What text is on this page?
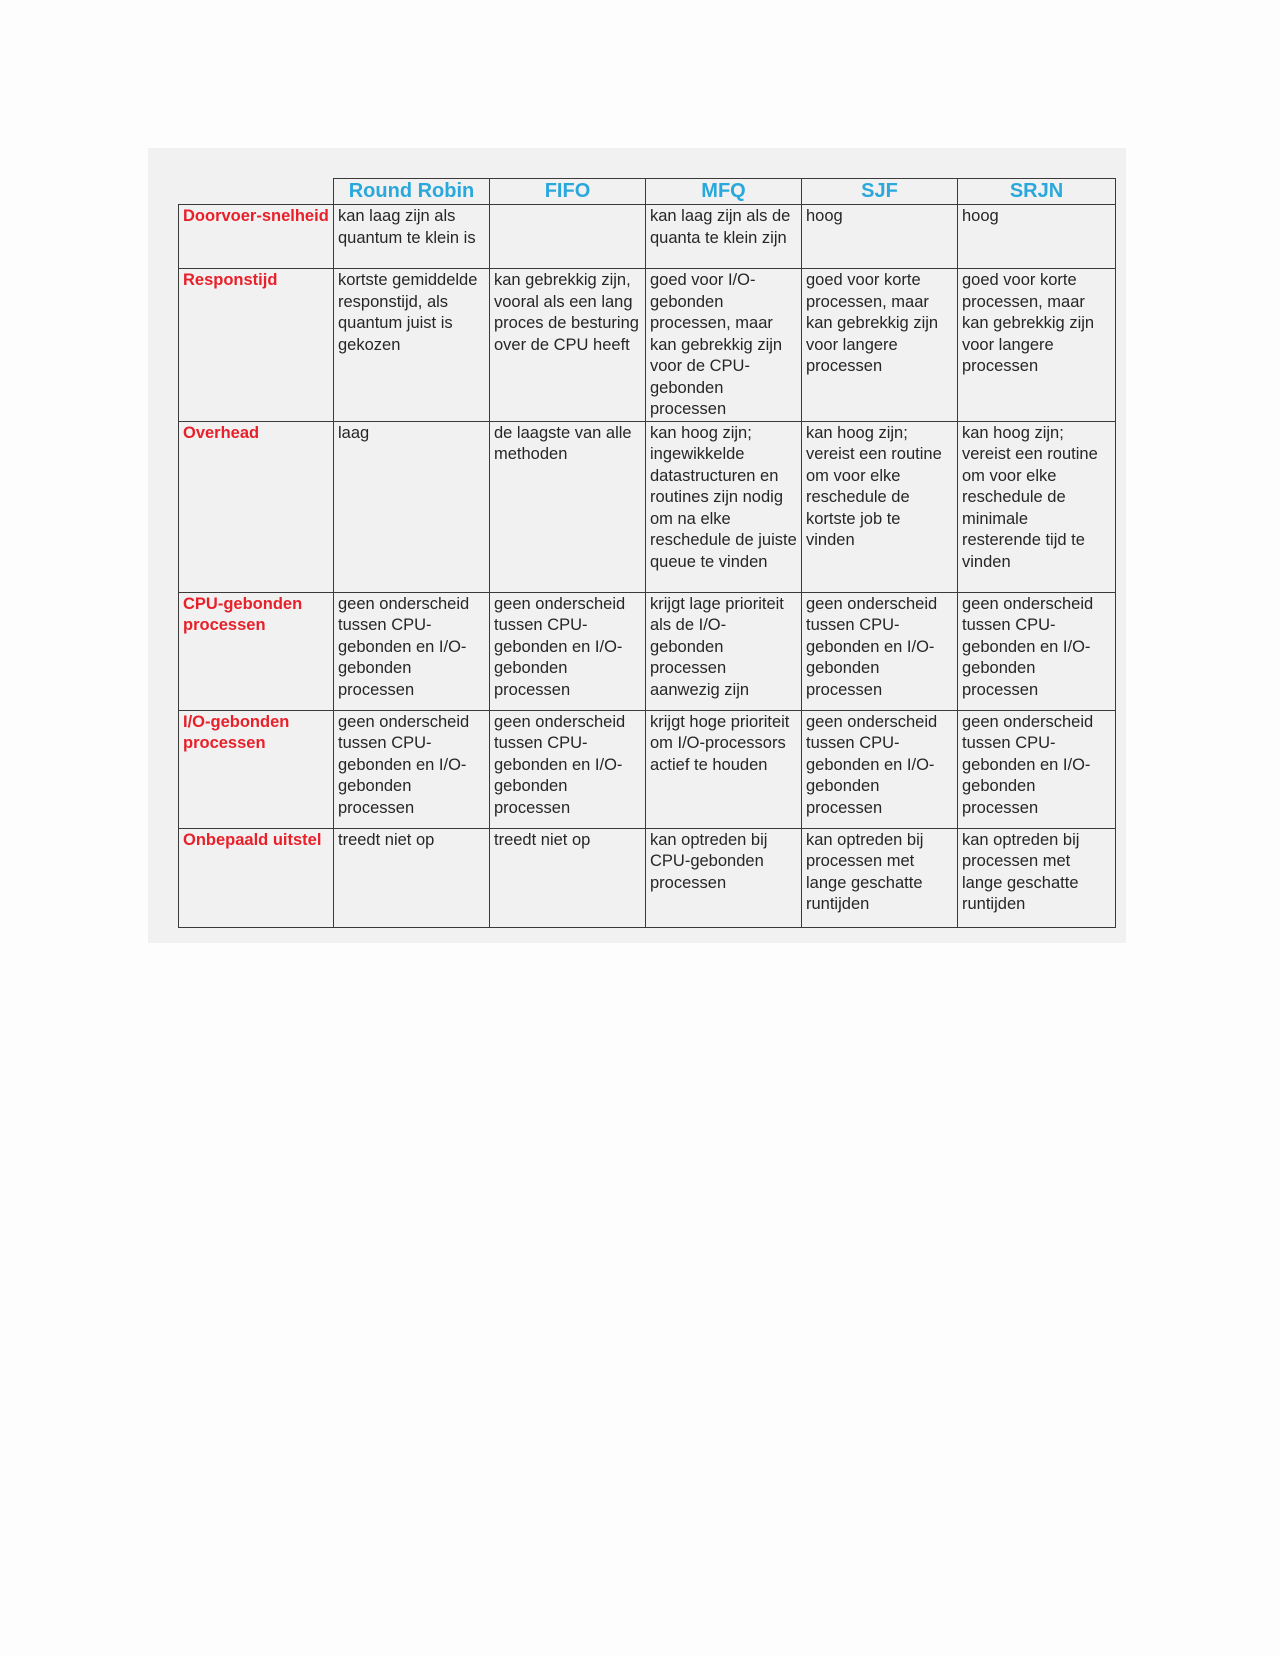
	Round Robin	FIFO	MFQ	SJF	SRJN
Doorvoer-snelheid	kan laag zijn als quantum te klein is		kan laag zijn als de quanta te klein zijn	hoog	hoog
Responstijd	kortste gemiddelde responstijd, als quantum juist is gekozen	kan gebrekkig zijn, vooral als een lang proces de besturing over de CPU heeft	goed voor I/O-gebonden processen, maar kan gebrekkig zijn voor de CPU-gebonden processen	goed voor korte processen, maar kan gebrekkig zijn voor langere processen	goed voor korte processen, maar kan gebrekkig zijn voor langere processen
Overhead	laag	de laagste van alle methoden	kan hoog zijn; ingewikkelde datastructuren en routines zijn nodig om na elke reschedule de juiste queue te vinden	kan hoog zijn; vereist een routine om voor elke reschedule de kortste job te vinden	kan hoog zijn; vereist een routine om voor elke reschedule de minimale resterende tijd te vinden
CPU-gebonden processen	geen onderscheid tussen CPU-gebonden en I/O-gebonden processen	geen onderscheid tussen CPU-gebonden en I/O-gebonden processen	krijgt lage prioriteit als de I/O-gebonden processen aanwezig zijn	geen onderscheid tussen CPU-gebonden en I/O-gebonden processen	geen onderscheid tussen CPU-gebonden en I/O-gebonden processen
I/O-gebonden processen	geen onderscheid tussen CPU-gebonden en I/O-gebonden processen	geen onderscheid tussen CPU-gebonden en I/O-gebonden processen	krijgt hoge prioriteit om I/O-processors actief te houden	geen onderscheid tussen CPU-gebonden en I/O-gebonden processen	geen onderscheid tussen CPU-gebonden en I/O-gebonden processen
Onbepaald uitstel	treedt niet op	treedt niet op	kan optreden bij CPU-gebonden processen	kan optreden bij processen met lange geschatte runtijden	kan optreden bij processen met lange geschatte runtijden
